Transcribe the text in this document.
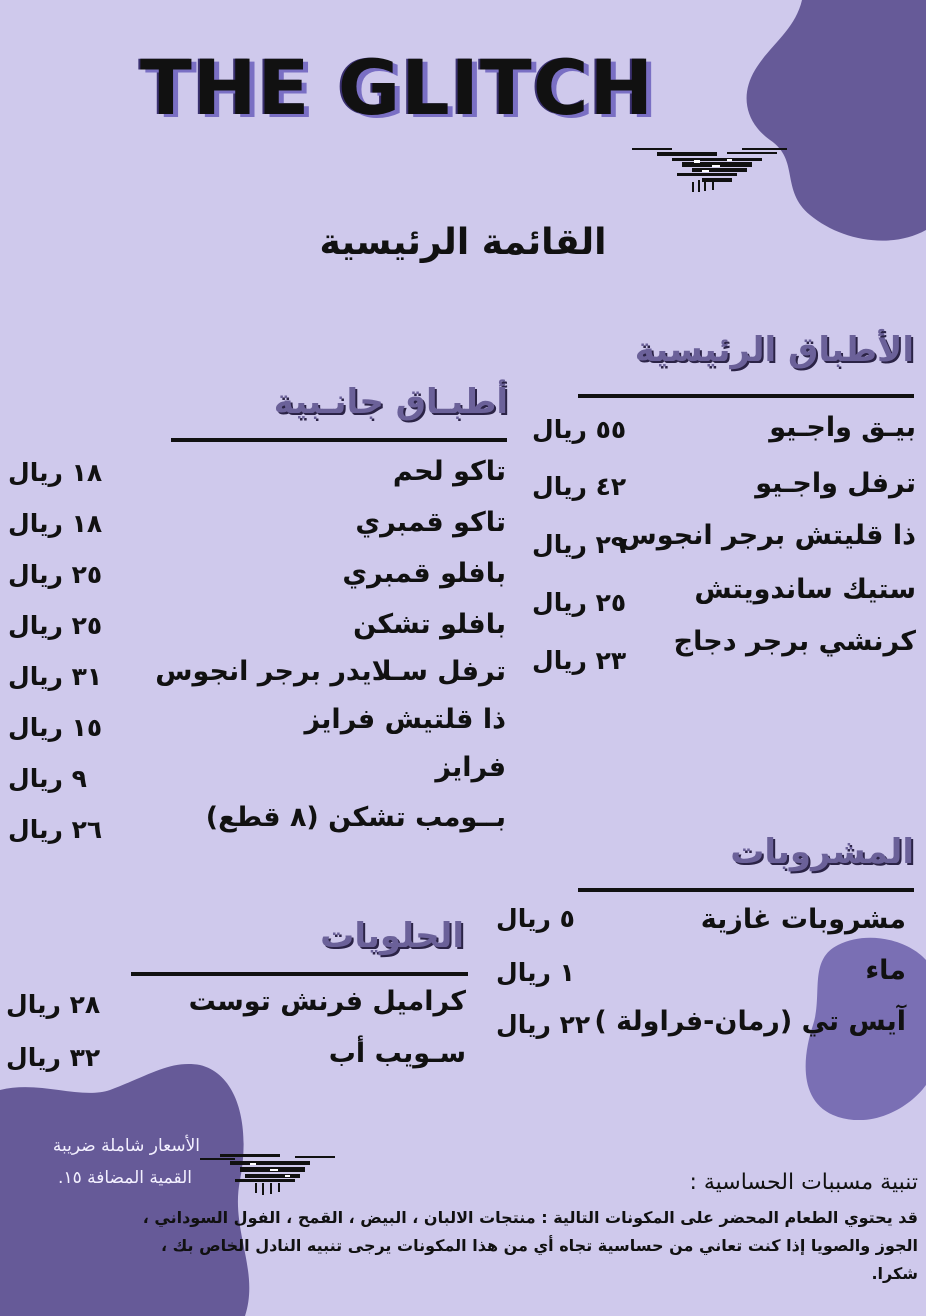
THE GLITCH
القائمة الرئيسية
الأطباق الرئيسية
بيـق واجـيو
٥٥ ريال
ترفل واجـيو
٤٢ ريال
ذا قليتش برجر انجوس
٢٩ ريال
ستيك ساندويتش
٢٥ ريال
كرنشي برجر دجاج
٢٣ ريال
أطبـاق جانـبية
تاكو لحم
١٨ ريال
تاكو قمبري
١٨ ريال
بافلو قمبري
٢٥ ريال
بافلو تشكن
٢٥ ريال
ترفل سـلايدر برجر انجوس
٣١ ريال
ذا قلتيش فرايز
١٥ ريال
فرايز
٩ ريال
بــومب تشكن (٨ قطع)
٢٦ ريال
المشروبات
مشروبات غازية
٥ ريال
ماء
١ ريال
آيس تي (رمان-فراولة )
٢٢ ريال
الحلويات
كراميل فرنش توست
٢٨ ريال
سـويب أب
٣٢ ريال
الأسعار شاملة ضريبة
القمية المضافة ١٥.	تنبية مسببات الحساسية :
قد يحتوي الطعام المحضر على المكونات التالية : منتجات الالبان ، البيض ، القمح ، الفول السوداني ،
الجوز والصويا إذا كنت تعاني من حساسية تجاه أي من هذا المكونات يرجى تنبيه النادل الخاص بك ،
شكرا.
